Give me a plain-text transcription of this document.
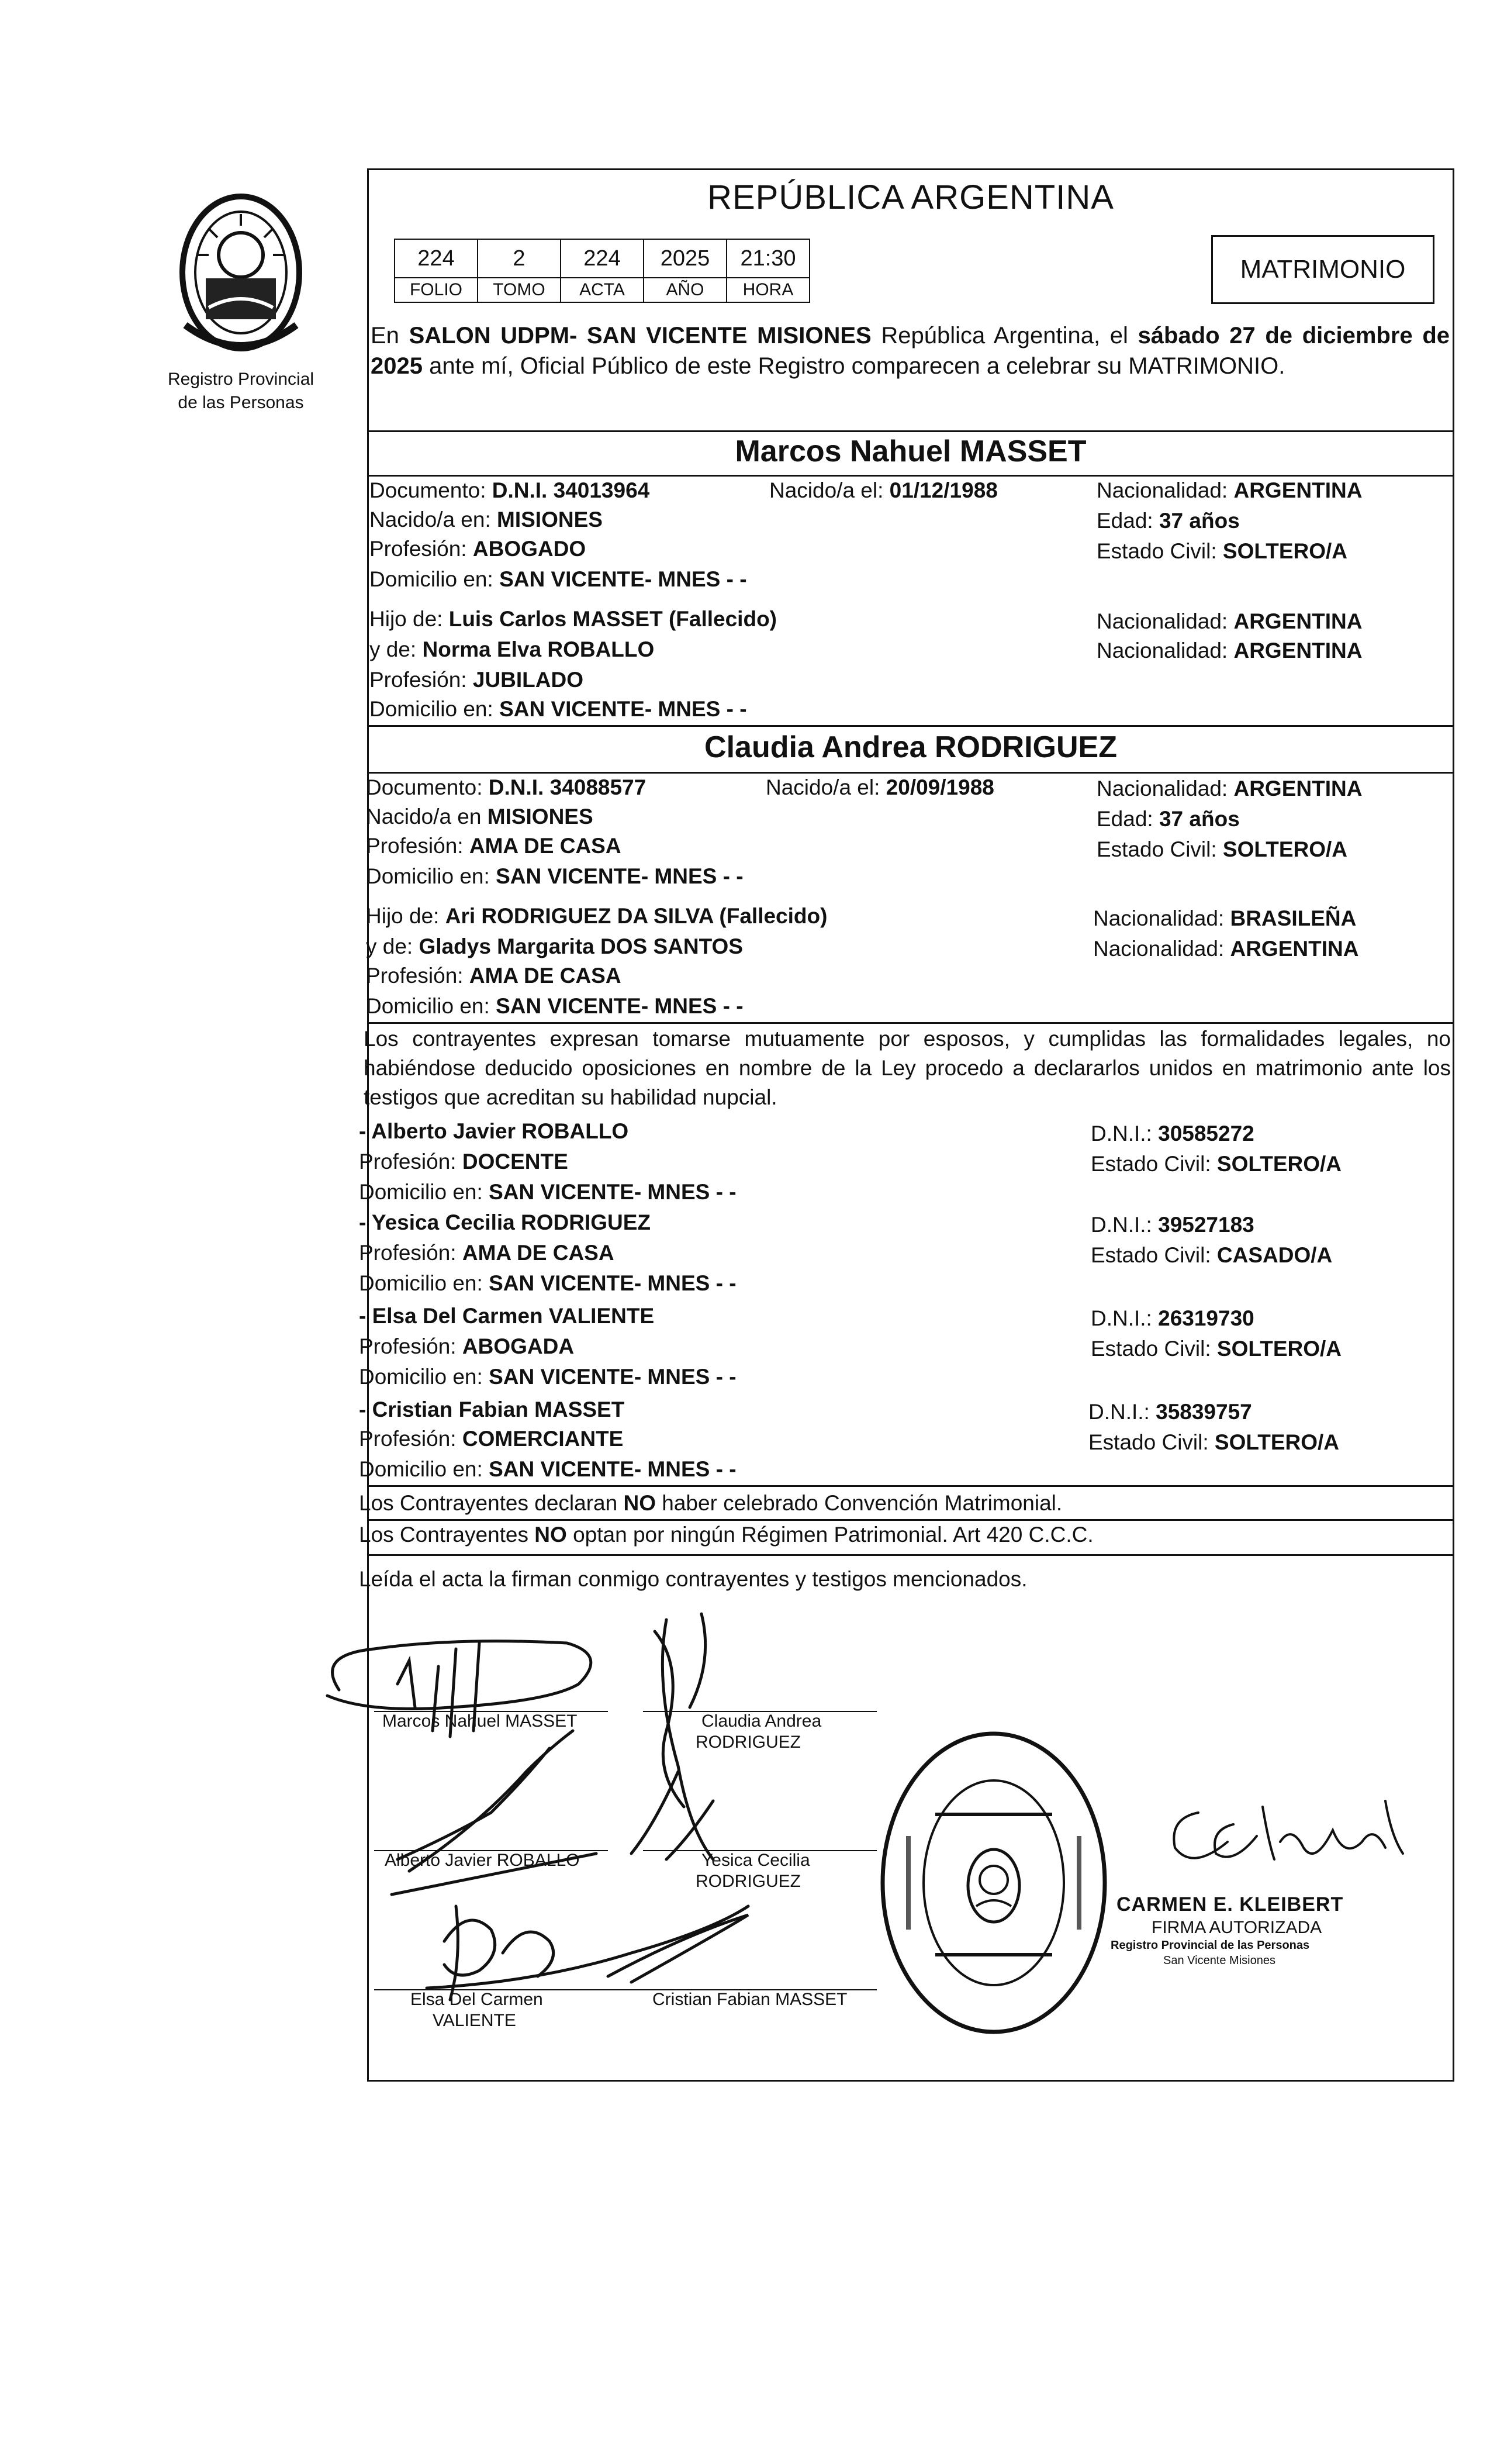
Registro Provincial
de las Personas
REPÚBLICA ARGENTINA
224	2	224	2025	21:30
FOLIO	TOMO	ACTA	AÑO	HORA
MATRIMONIO
En SALON UDPM- SAN VICENTE MISIONES República Argentina, el sábado 27 de diciembre de 2025 ante mí, Oficial Público de este Registro comparecen a celebrar su MATRIMONIO.
Marcos Nahuel MASSET
Documento: D.N.I. 34013964	Nacido/a el: 01/12/1988	Nacionalidad: ARGENTINA
Nacido/a en: MISIONES	Edad: 37 años
Profesión: ABOGADO	Estado Civil: SOLTERO/A
Domicilio en: SAN VICENTE- MNES - -
Hijo de: Luis Carlos MASSET (Fallecido)	Nacionalidad: ARGENTINA
y de: Norma Elva ROBALLO	Nacionalidad: ARGENTINA
Profesión: JUBILADO
Domicilio en: SAN VICENTE- MNES - -
Claudia Andrea RODRIGUEZ
Documento: D.N.I. 34088577	Nacido/a el: 20/09/1988	Nacionalidad: ARGENTINA
Nacido/a en MISIONES	Edad: 37 años
Profesión: AMA DE CASA	Estado Civil: SOLTERO/A
Domicilio en: SAN VICENTE- MNES - -
Hijo de: Ari RODRIGUEZ DA SILVA (Fallecido)	Nacionalidad: BRASILEÑA
y de: Gladys Margarita DOS SANTOS	Nacionalidad: ARGENTINA
Profesión: AMA DE CASA
Domicilio en: SAN VICENTE- MNES - -
Los contrayentes expresan tomarse mutuamente por esposos, y cumplidas las formalidades legales, no habiéndose deducido oposiciones en nombre de la Ley procedo a declararlos unidos en matrimonio ante los testigos que acreditan su habilidad nupcial.
- Alberto Javier ROBALLO	D.N.I.: 30585272
Profesión: DOCENTE	Estado Civil: SOLTERO/A
Domicilio en: SAN VICENTE- MNES - -
- Yesica Cecilia RODRIGUEZ	D.N.I.: 39527183
Profesión: AMA DE CASA	Estado Civil: CASADO/A
Domicilio en: SAN VICENTE- MNES - -
- Elsa Del Carmen VALIENTE	D.N.I.: 26319730
Profesión: ABOGADA	Estado Civil: SOLTERO/A
Domicilio en: SAN VICENTE- MNES - -
- Cristian Fabian MASSET	D.N.I.: 35839757
Profesión: COMERCIANTE	Estado Civil: SOLTERO/A
Domicilio en: SAN VICENTE- MNES - -
Los Contrayentes declaran NO haber celebrado Convención Matrimonial.
Los Contrayentes NO optan por ningún Régimen Patrimonial. Art 420 C.C.C.
Leída el acta la firman conmigo contrayentes y testigos mencionados.
Marcos Nahuel MASSET	Claudia Andrea
RODRIGUEZ
Alberto Javier ROBALLO	Yesica Cecilia
RODRIGUEZ
Elsa Del Carmen
VALIENTE
Cristian Fabian MASSET
CARMEN E. KLEIBERT
FIRMA AUTORIZADA
Registro Provincial de las Personas
San Vicente Misiones
